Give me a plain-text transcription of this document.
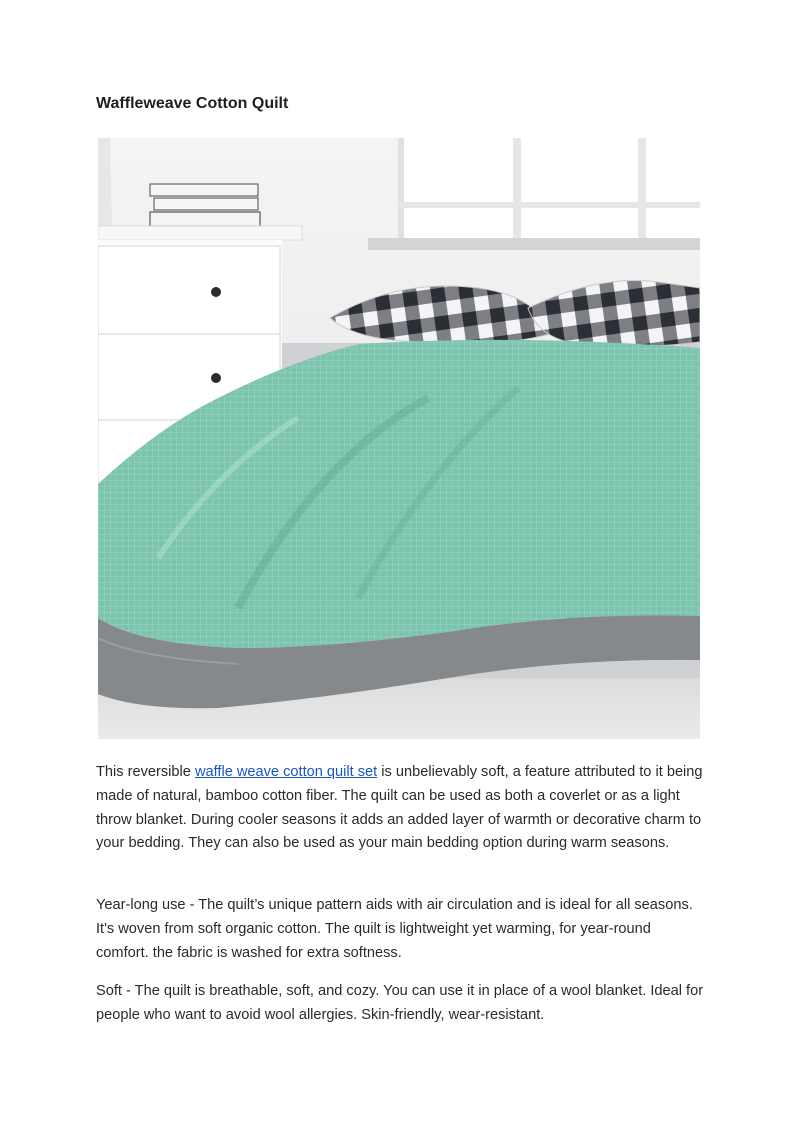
Waffleweave Cotton Quilt

This reversible waffle weave cotton quilt set is unbelievably soft, a feature attributed to it being made of natural, bamboo cotton fiber. The quilt can be used as both a coverlet or as a light throw blanket. During cooler seasons it adds an added layer of warmth or decorative charm to your bedding. They can also be used as your main bedding option during warm seasons.

Year-long use - The quilt’s unique pattern aids with air circulation and is ideal for all seasons. It's woven from soft organic cotton. The quilt is lightweight yet warming, for year-round comfort. the fabric is washed for extra softness.

Soft - The quilt is breathable, soft, and cozy. You can use it in place of a wool blanket. Ideal for people who want to avoid wool allergies. Skin-friendly, wear-resistant.
